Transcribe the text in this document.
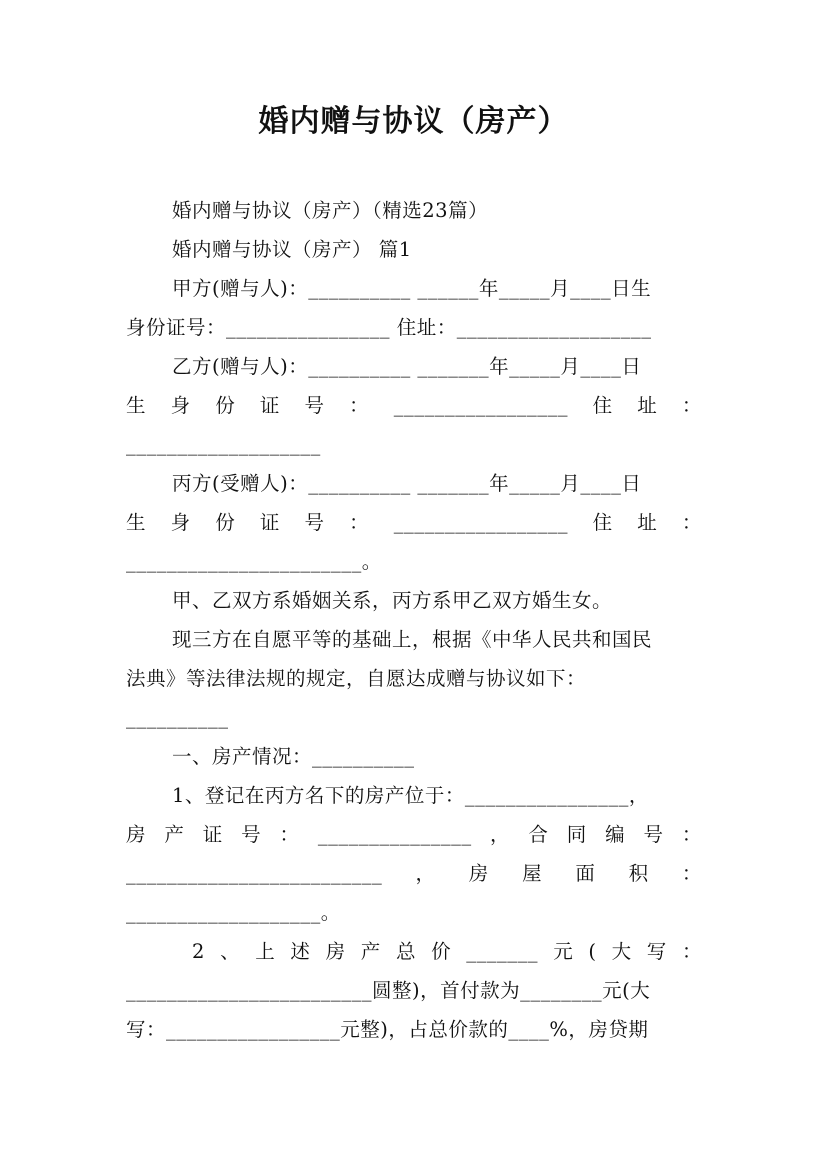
婚内赠与协议（房产）
婚内赠与协议（房产）（精选23篇）
婚内赠与协议（房产） 篇1
甲方(赠与人)：__________ ______年_____月____日生
身份证号：________________ 住址：___________________
乙方(赠与人)：__________ _______年_____月____日
生 身 份 证 号 ： _________________ 住 址 ：
___________________
丙方(受赠人)：__________ _______年_____月____日
生 身 份 证 号 ： _________________ 住 址 ：
_______________________。
甲、乙双方系婚姻关系，丙方系甲乙双方婚生女。
现三方在自愿平等的基础上，根据《中华人民共和国民
法典》等法律法规的规定，自愿达成赠与协议如下：
__________
一、房产情况：__________
1、登记在丙方名下的房产位于：________________，
房 产 证 号 ： _______________ ， 合 同 编 号 ：
_________________________ ， 房 屋 面 积 ：
___________________。
2 、 上 述 房 产 总 价 _______ 元 ( 大 写 ：
________________________圆整)，首付款为________元(大
写：_________________元整)，占总价款的____%，房贷期
